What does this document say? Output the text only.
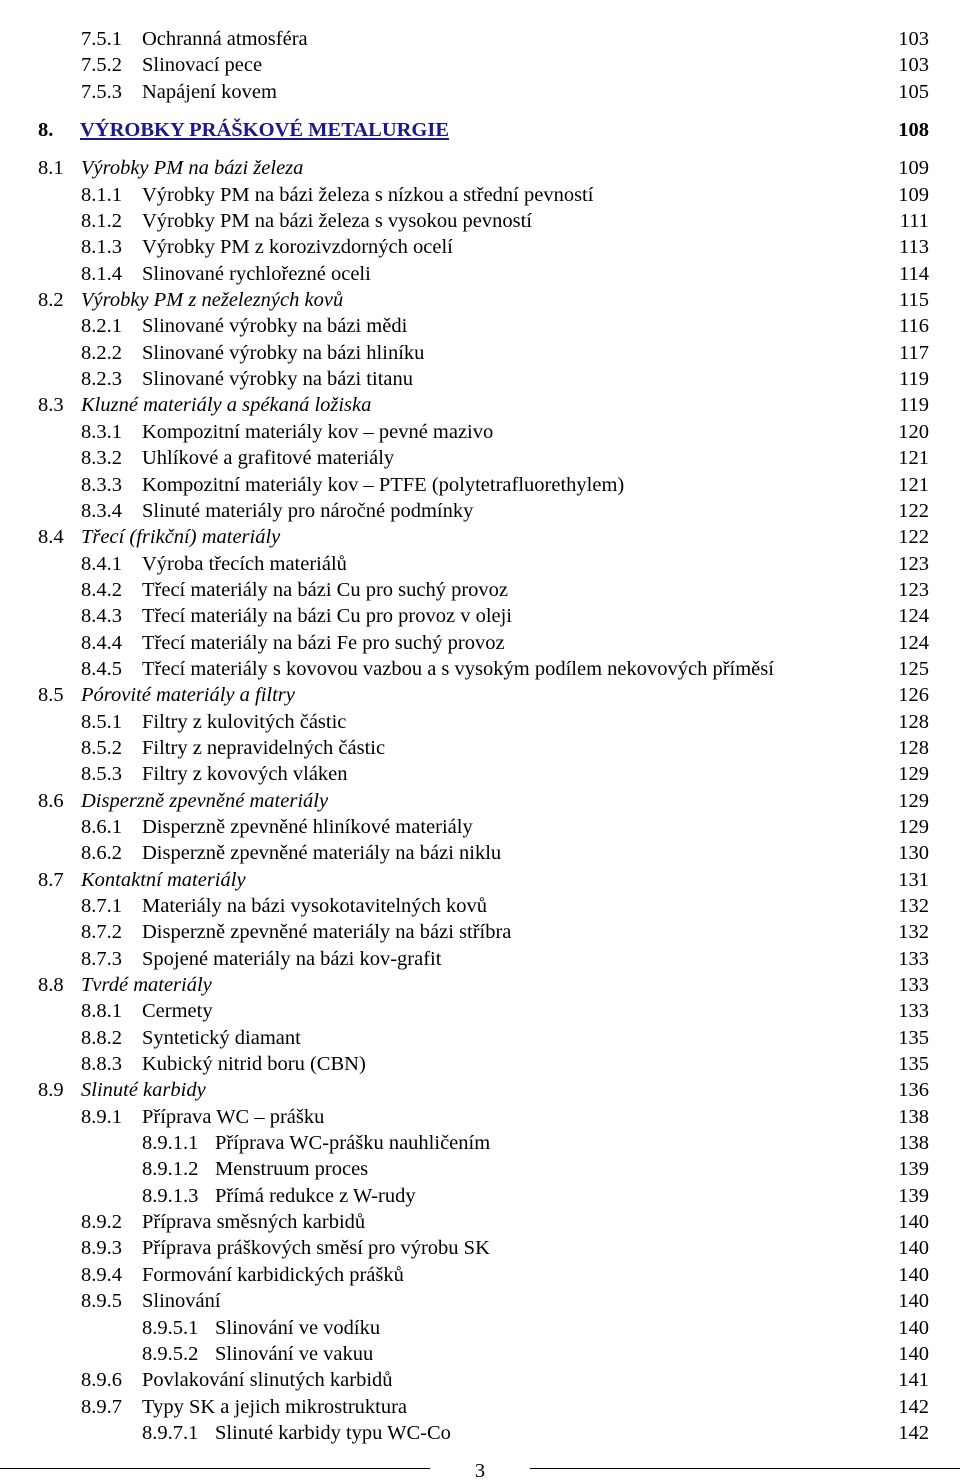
7.5.1 Ochranná atmosféra	103
7.5.2 Slinovací pece	103
7.5.3 Napájení kovem	105
8. VÝROBKY PRÁŠKOVÉ METALURGIE	108
8.1 Výrobky PM na bázi železa	109
8.1.1 Výrobky PM na bázi železa s nízkou a střední pevností	109
8.1.2 Výrobky PM na bázi železa s vysokou pevností	111
8.1.3 Výrobky PM z korozivzdorných ocelí	113
8.1.4 Slinované rychlořezné oceli	114
8.2 Výrobky PM z neželezných kovů	115
8.2.1 Slinované výrobky na bázi mědi	116
8.2.2 Slinované výrobky na bázi hliníku	117
8.2.3 Slinované výrobky na bázi titanu	119
8.3 Kluzné materiály a spékaná ložiska	119
8.3.1 Kompozitní materiály kov – pevné mazivo	120
8.3.2 Uhlíkové a grafitové materiály	121
8.3.3 Kompozitní materiály kov – PTFE (polytetrafluorethylem)	121
8.3.4 Slinuté materiály pro náročné podmínky	122
8.4 Třecí (frikční) materiály	122
8.4.1 Výroba třecích materiálů	123
8.4.2 Třecí materiály na bázi Cu pro suchý provoz	123
8.4.3 Třecí materiály na bázi Cu pro provoz v oleji	124
8.4.4 Třecí materiály na bázi Fe pro suchý provoz	124
8.4.5 Třecí materiály s kovovou vazbou a s vysokým podílem nekovových příměsí	125
8.5 Pórovité materiály a filtry	126
8.5.1 Filtry z kulovitých částic	128
8.5.2 Filtry z nepravidelných částic	128
8.5.3 Filtry z kovových vláken	129
8.6 Disperzně zpevněné materiály	129
8.6.1 Disperzně zpevněné hliníkové materiály	129
8.6.2 Disperzně zpevněné materiály na bázi niklu	130
8.7 Kontaktní materiály	131
8.7.1 Materiály na bázi vysokotavitelných kovů	132
8.7.2 Disperzně zpevněné materiály na bázi stříbra	132
8.7.3 Spojené materiály na bázi kov-grafit	133
8.8 Tvrdé materiály	133
8.8.1 Cermety	133
8.8.2 Syntetický diamant	135
8.8.3 Kubický nitrid boru (CBN)	135
8.9 Slinuté karbidy	136
8.9.1 Příprava WC – prášku	138
8.9.1.1 Příprava WC-prášku nauhličením	138
8.9.1.2 Menstruum proces	139
8.9.1.3 Přímá redukce z W-rudy	139
8.9.2 Příprava směsných karbidů	140
8.9.3 Příprava práškových směsí pro výrobu SK	140
8.9.4 Formování karbidických prášků	140
8.9.5 Slinování	140
8.9.5.1 Slinování ve vodíku	140
8.9.5.2 Slinování ve vakuu	140
8.9.6 Povlakování slinutých karbidů	141
8.9.7 Typy SK a jejich mikrostruktura	142
8.9.7.1 Slinuté karbidy typu WC-Co	142
3
